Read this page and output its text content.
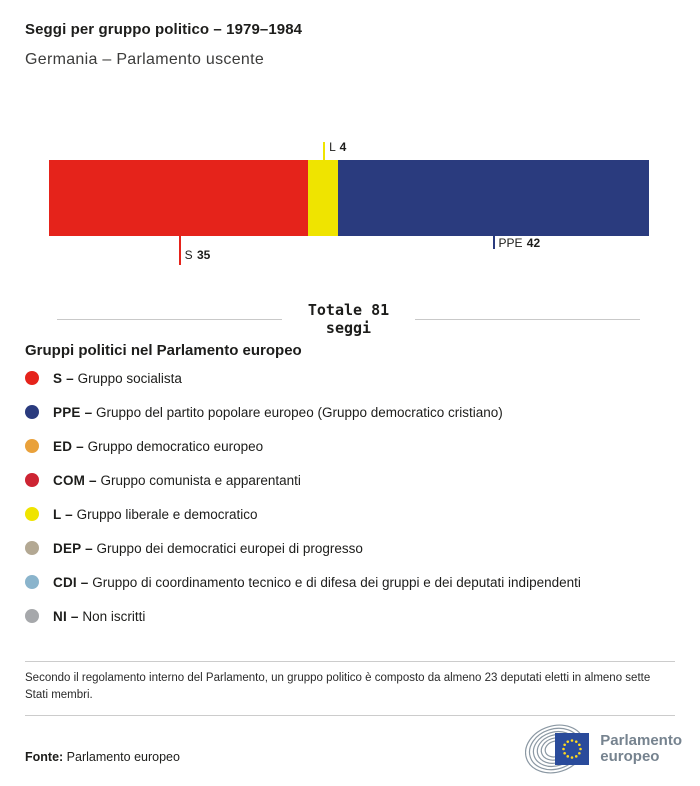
Seggi per gruppo politico – 1979–1984
Germania – Parlamento uscente
L 4
S 35
PPE 42
Totale 81
seggi
Gruppi politici nel Parlamento europeo
S – Gruppo socialista
PPE – Gruppo del partito popolare europeo (Gruppo democratico cristiano)
ED – Gruppo democratico europeo
COM – Gruppo comunista e apparentanti
L – Gruppo liberale e democratico
DEP – Gruppo dei democratici europei di progresso
CDI – Gruppo di coordinamento tecnico e di difesa dei gruppi e dei deputati indipendenti
NI – Non iscritti

Secondo il regolamento interno del Parlamento, un gruppo politico è composto da almeno 23 deputati eletti in almeno sette Stati membri.

Fonte: Parlamento europeo
Parlamento
europeo
